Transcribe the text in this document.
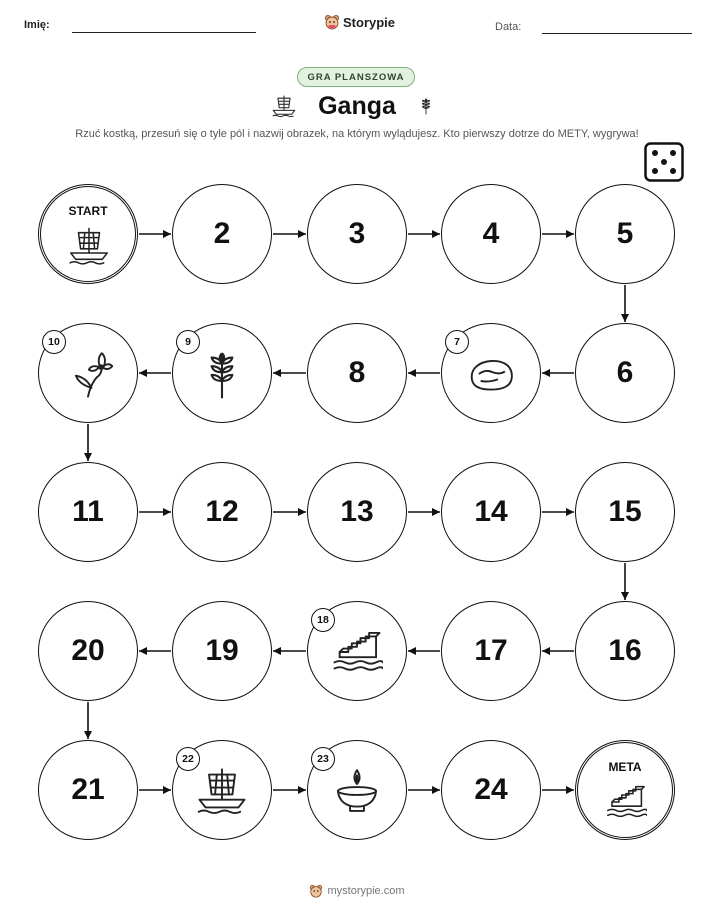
Imię:	Storypie	Data:
GRA PLANSZOWA
Ganga
Rzuć kostką, przesuń się o tyle pól i nazwij obrazek, na którym wylądujesz. Kto pierwszy dotrze do METY, wygrywa!
START
2	3	4	5
6
7
8
9
10
11	12	13	14	15
16
17
18
19
20
21
22	23
24
META
mystorypie.com
